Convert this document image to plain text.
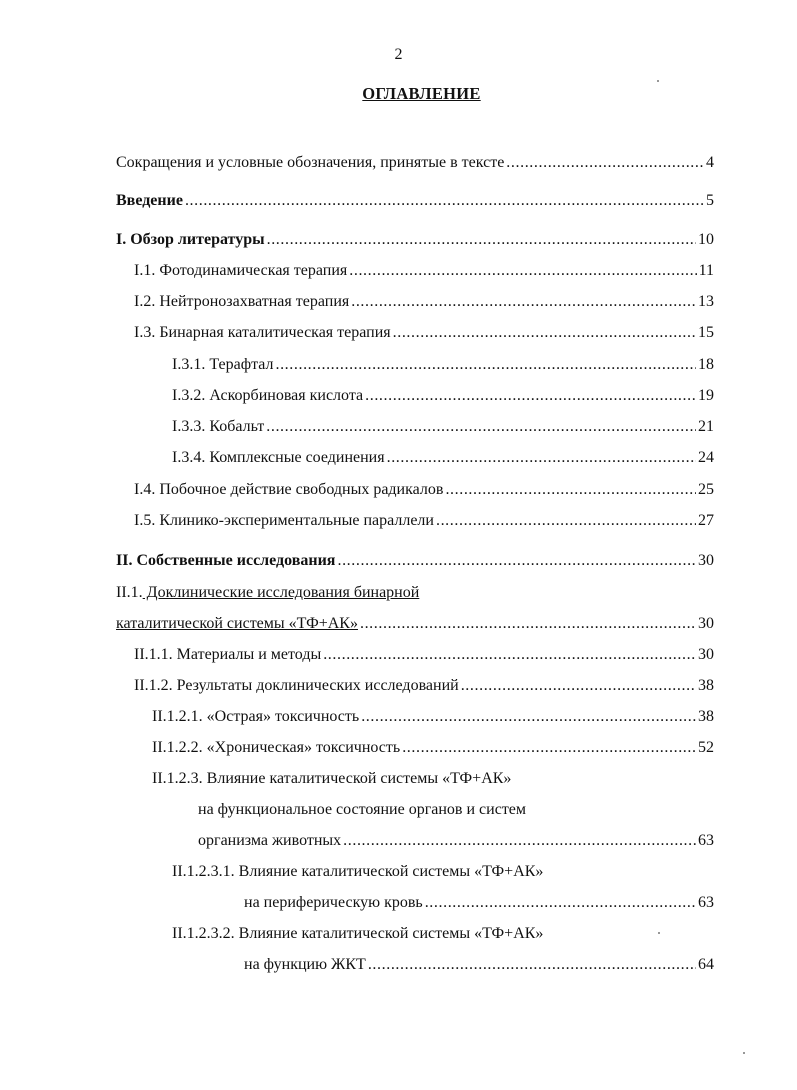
2
ОГЛАВЛЕНИЕ
Сокращения и условные обозначения, принятые в тексте .....	4
Введение .....	5
I. Обзор литературы .....	10
I.1. Фотодинамическая терапия .....	11
I.2. Нейтронозахватная терапия .....	13
I.3. Бинарная каталитическая терапия .....	15
I.3.1. Терафтал .....	18
I.3.2. Аскорбиновая кислота .....	19
I.3.3. Кобальт .....	21
I.3.4. Комплексные соединения .....	24
I.4. Побочное действие свободных радикалов .....	25
I.5. Клинико-экспериментальные параллели .....	27
II. Собственные исследования .....	30
II.1. Доклинические исследования бинарной
каталитической системы «ТФ+АК» .....	30
II.1.1. Материалы и методы .....	30
II.1.2. Результаты доклинических исследований .....	38
II.1.2.1. «Острая» токсичность .....	38
II.1.2.2. «Хроническая» токсичность .....	52
II.1.2.3. Влияние каталитической системы «ТФ+АК»
на функциональное состояние органов и систем
организма животных .....	63
II.1.2.3.1. Влияние каталитической системы «ТФ+АК»
на периферическую кровь .....	63
II.1.2.3.2. Влияние каталитической системы «ТФ+АК»
на функцию ЖКТ .....	64
